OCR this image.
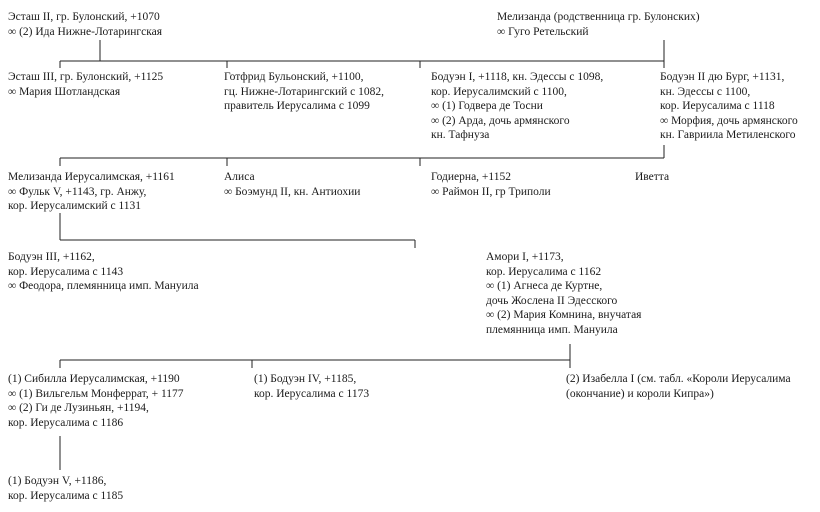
Эсташ II, гр. Булонский, +1070
∞ (2) Ида Нижне-Лотарингская
Мелизанда (родственница гр. Булонских)
∞ Гуго Ретельский
Эсташ III, гр. Булонский, +1125
∞ Мария Шотландская
Готфрид Бульонский, +1100,
гц. Нижне-Лотарингский с 1082,
правитель Иерусалима с 1099
Бодуэн I, +1118, кн. Эдессы с 1098,
кор. Иерусалимский с 1100,
∞ (1) Годвера де Тосни
∞ (2) Арда, дочь армянского
кн. Тафнуза
Бодуэн II дю Бург, +1131,
кн. Эдессы с 1100,
кор. Иерусалима с 1118
∞ Морфия, дочь армянского
кн. Гавриила Метиленского
Мелизанда Иерусалимская, +1161
∞ Фульк V, +1143, гр. Анжу,
кор. Иерусалимский с 1131
Алиса
∞ Боэмунд II, кн. Антиохии
Годиерна, +1152
∞ Раймон II, гр Триполи
Иветта
Бодуэн III, +1162,
кор. Иерусалима с 1143
∞ Феодора, племянница имп. Мануила
Амори I, +1173,
кор. Иерусалима с 1162
∞ (1) Агнеса де Куртне,
дочь Жослена II Эдесского
∞ (2) Мария Комнина, внучатая
племянница имп. Мануила
(1) Сибилла Иерусалимская, +1190
∞ (1) Вильгельм Монферрат, + 1177
∞ (2) Ги де Лузиньян, +1194,
кор. Иерусалима с 1186
(1) Бодуэн IV, +1185,
кор. Иерусалима с 1173
(2) Изабелла I (см. табл. «Короли Иерусалима
(окончание) и короли Кипра»)
(1) Бодуэн V, +1186,
кор. Иерусалима с 1185
